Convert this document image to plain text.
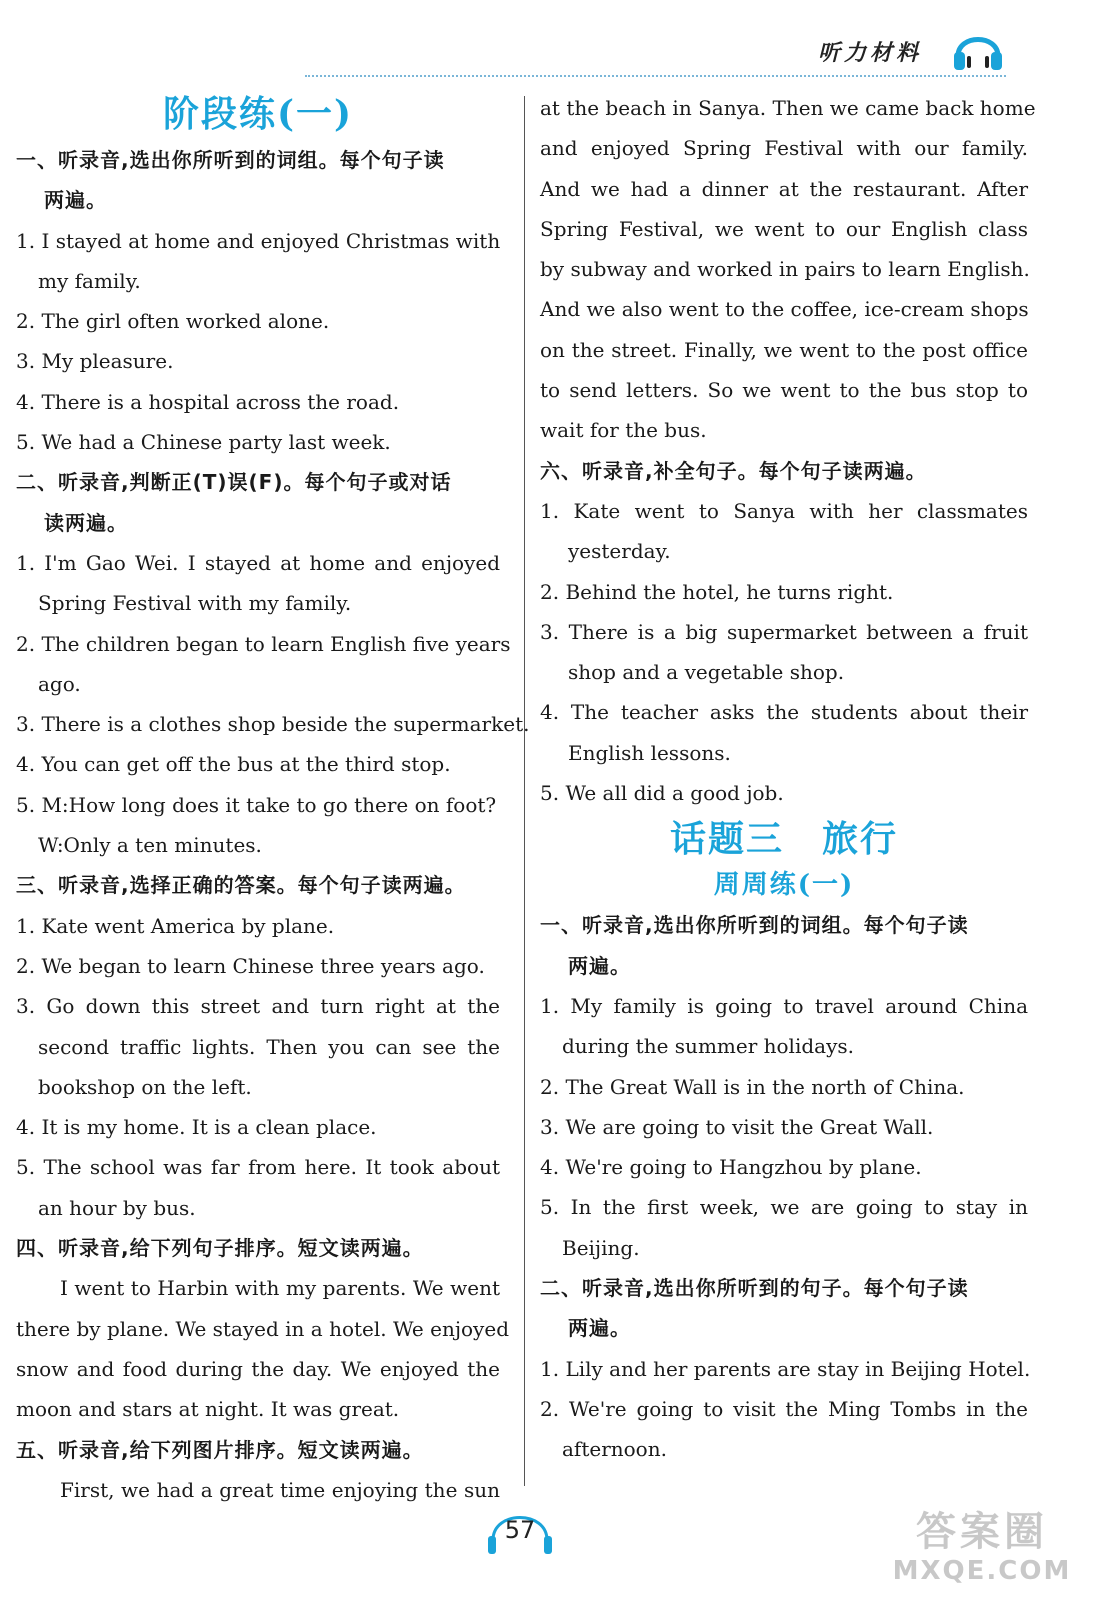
听力材料
阶段练(一)
一、听录音,选出你所听到的词组。每个句子读
两遍。
1. I stayed at home and enjoyed Christmas with
my family.
2. The girl often worked alone.
3. My pleasure.
4. There is a hospital across the road.
5. We had a Chinese party last week.
二、听录音,判断正(T)误(F)。每个句子或对话
读两遍。
1. I'm Gao Wei. I stayed at home and enjoyed
Spring Festival with my family.
2. The children began to learn English five years
ago.
3. There is a clothes shop beside the supermarket.
4. You can get off the bus at the third stop.
5. M:How long does it take to go there on foot?
W:Only a ten minutes.
三、听录音,选择正确的答案。每个句子读两遍。
1. Kate went America by plane.
2. We began to learn Chinese three years ago.
3. Go down this street and turn right at the
second traffic lights. Then you can see the
bookshop on the left.
4. It is my home. It is a clean place.
5. The school was far from here. It took about
an hour by bus.
四、听录音,给下列句子排序。短文读两遍。
I went to Harbin with my parents. We went
there by plane. We stayed in a hotel. We enjoyed
snow and food during the day. We enjoyed the
moon and stars at night. It was great.
五、听录音,给下列图片排序。短文读两遍。
First, we had a great time enjoying the sun
at the beach in Sanya. Then we came back home
and enjoyed Spring Festival with our family.
And we had a dinner at the restaurant. After
Spring Festival, we went to our English class
by subway and worked in pairs to learn English.
And we also went to the coffee, ice-cream shops
on the street. Finally, we went to the post office
to send letters. So we went to the bus stop to
wait for the bus.
六、听录音,补全句子。每个句子读两遍。
1. Kate went to Sanya with her classmates
yesterday.
2. Behind the hotel, he turns right.
3. There is a big supermarket between a fruit
shop and a vegetable shop.
4. The teacher asks the students about their
English lessons.
5. We all did a good job.
话题三　旅行
周周练(一)
一、听录音,选出你所听到的词组。每个句子读
两遍。
1. My family is going to travel around China
during the summer holidays.
2. The Great Wall is in the north of China.
3. We are going to visit the Great Wall.
4. We're going to Hangzhou by plane.
5. In the first week, we are going to stay in
Beijing.
二、听录音,选出你所听到的句子。每个句子读
两遍。
1. Lily and her parents are stay in Beijing Hotel.
2. We're going to visit the Ming Tombs in the
afternoon.
57	答案圈
MXQE.COM
